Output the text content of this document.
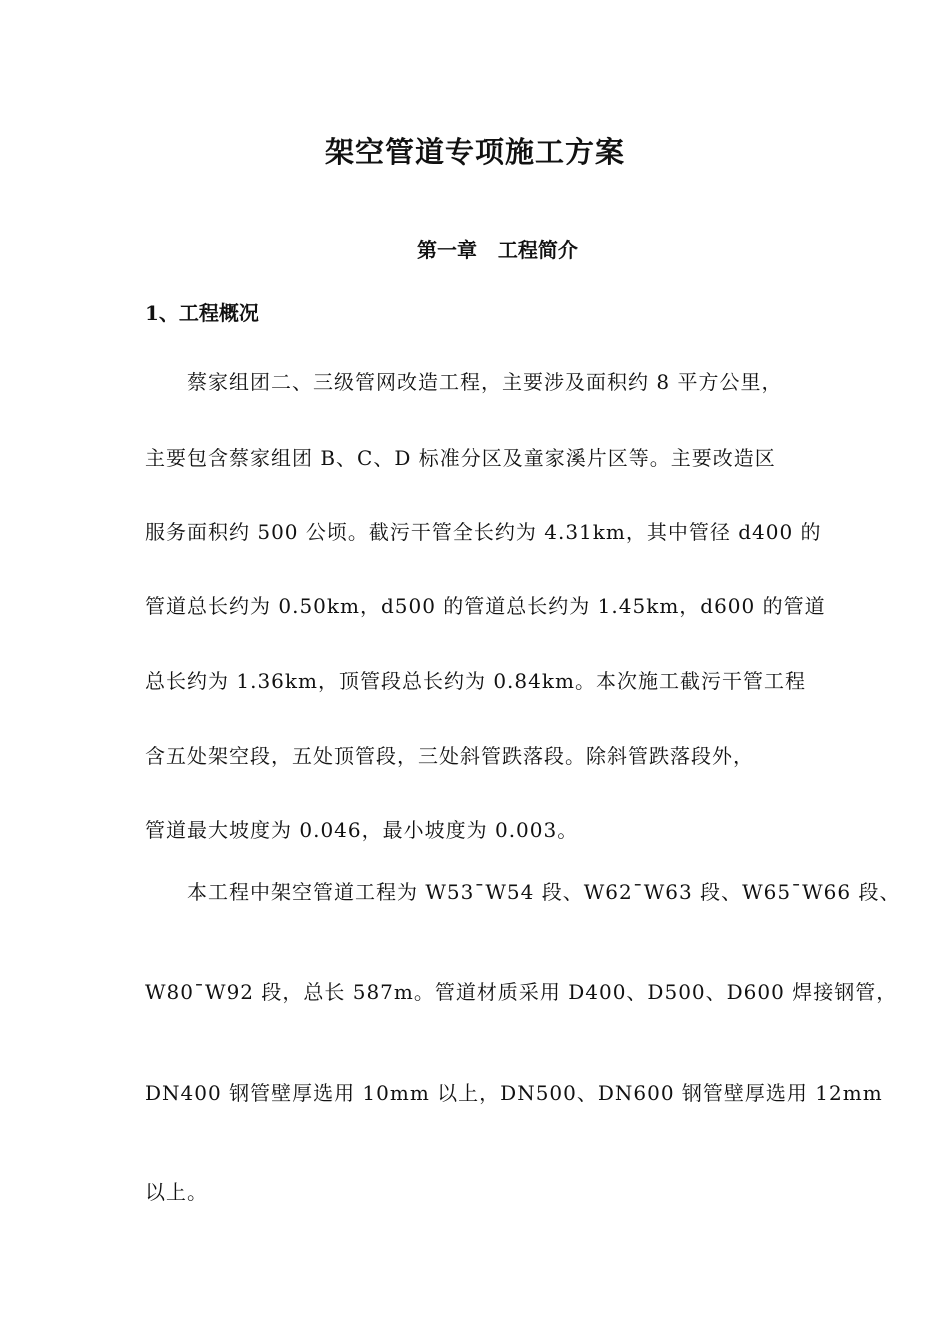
架空管道专项施工方案
第一章   工程简介
1、工程概况
蔡家组团二、三级管网改造工程，主要涉及面积约 8 平方公里，
主要包含蔡家组团 B、C、D 标准分区及童家溪片区等。主要改造区
服务面积约 500 公顷。截污干管全长约为 4.31km，其中管径 d400 的
管道总长约为 0.50km，d500 的管道总长约为 1.45km，d600 的管道
总长约为 1.36km，顶管段总长约为 0.84km。本次施工截污干管工程
含五处架空段，五处顶管段，三处斜管跌落段。除斜管跌落段外，
管道最大坡度为 0.046，最小坡度为 0.003。
本工程中架空管道工程为 W53¯W54 段、W62¯W63 段、W65¯W66 段、
W80¯W92 段，总长 587m。管道材质采用 D400、D500、D600 焊接钢管，
DN400 钢管壁厚选用 10mm 以上，DN500、DN600 钢管壁厚选用 12mm
以上。
